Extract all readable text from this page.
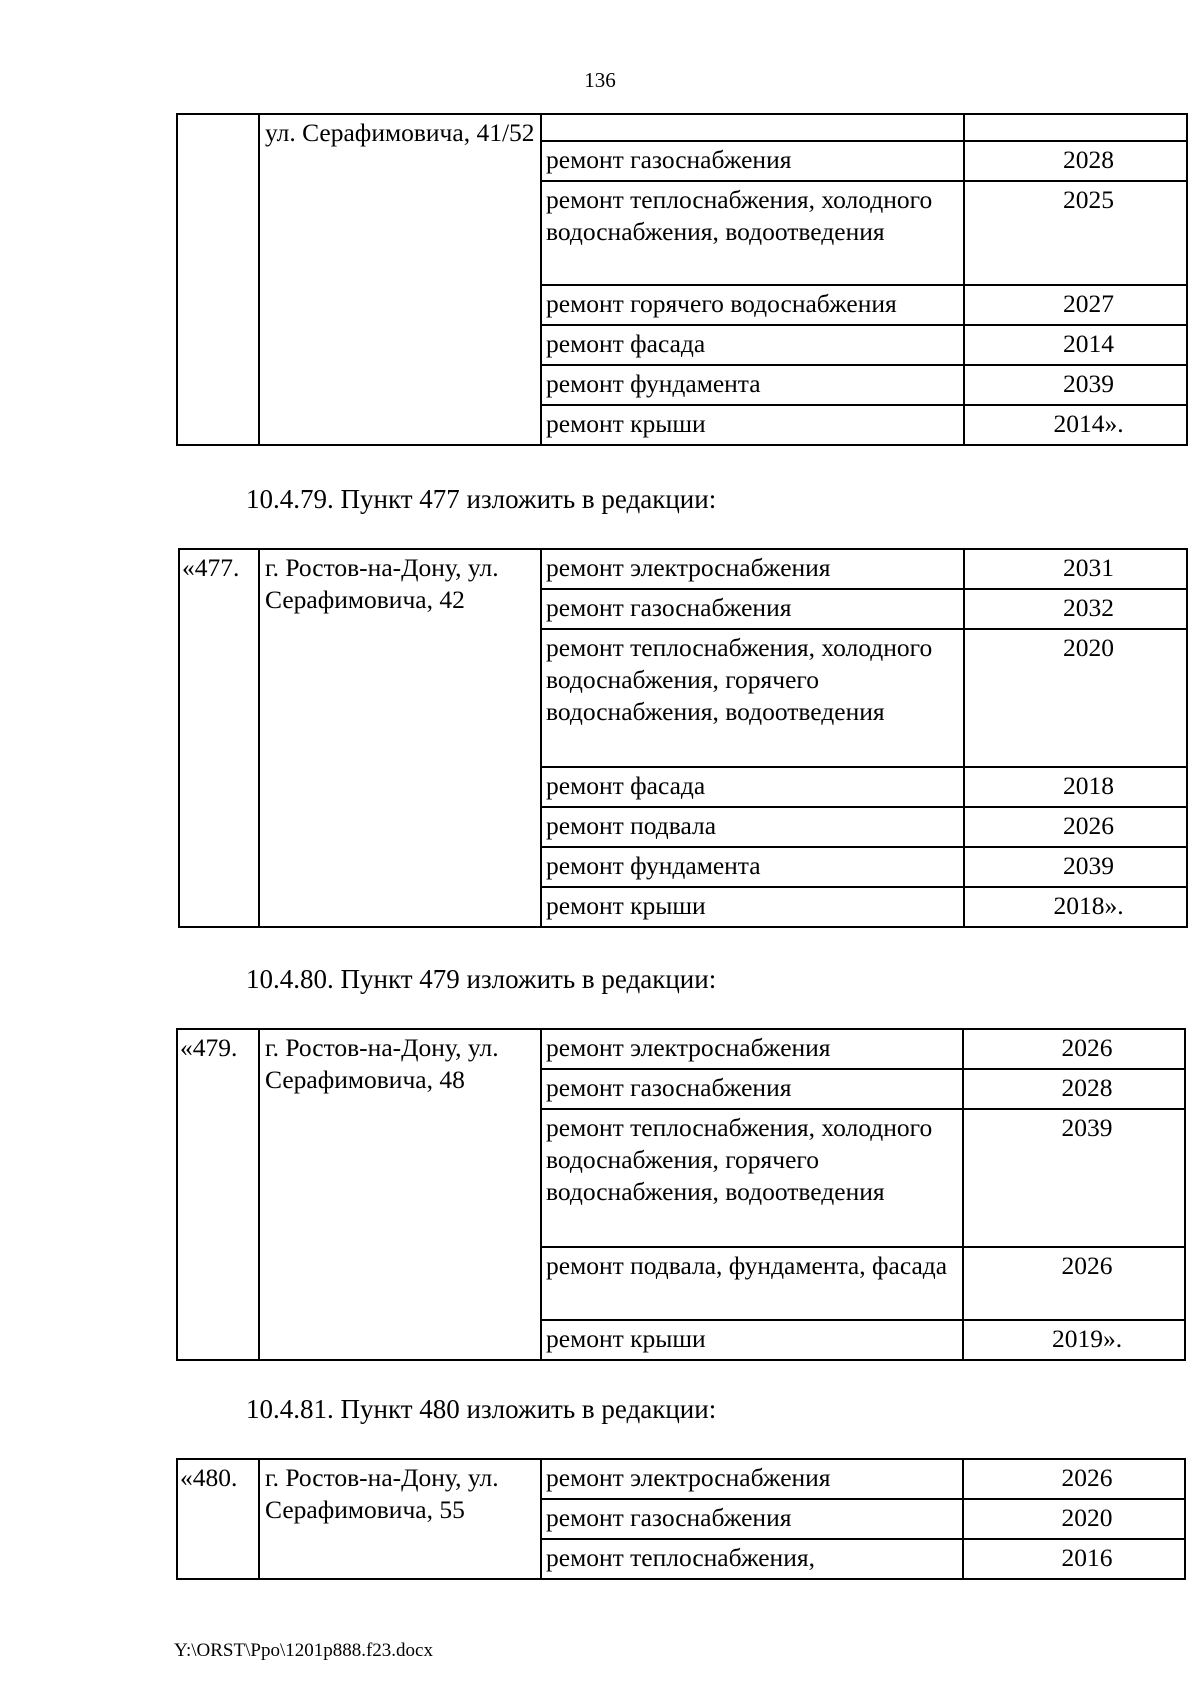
136
	ул. Серафимовича, 41/52		
		ремонт газоснабжения	2028
		ремонт теплоснабжения, холодного водоснабжения, водоотведения	2025
		ремонт горячего водоснабжения	2027
		ремонт фасада	2014
		ремонт фундамента	2039
		ремонт крыши	2014».
10.4.79. Пункт 477 изложить в редакции:
«477.	г. Ростов-на-Дону, ул. Серафимовича, 42	ремонт электроснабжения	2031
		ремонт газоснабжения	2032
		ремонт теплоснабжения, холодного водоснабжения, горячего водоснабжения, водоотведения	2020
		ремонт фасада	2018
		ремонт подвала	2026
		ремонт фундамента	2039
		ремонт крыши	2018».
10.4.80. Пункт 479 изложить в редакции:
«479.	г. Ростов-на-Дону, ул. Серафимовича, 48	ремонт электроснабжения	2026
		ремонт газоснабжения	2028
		ремонт теплоснабжения, холодного водоснабжения, горячего водоснабжения, водоотведения	2039
		ремонт подвала, фундамента, фасада	2026
		ремонт крыши	2019».
10.4.81. Пункт 480 изложить в редакции:
«480.	г. Ростов-на-Дону, ул. Серафимовича, 55	ремонт электроснабжения	2026
		ремонт газоснабжения	2020
		ремонт теплоснабжения,	2016
Y:\ORST\Ppo\1201p888.f23.docx
